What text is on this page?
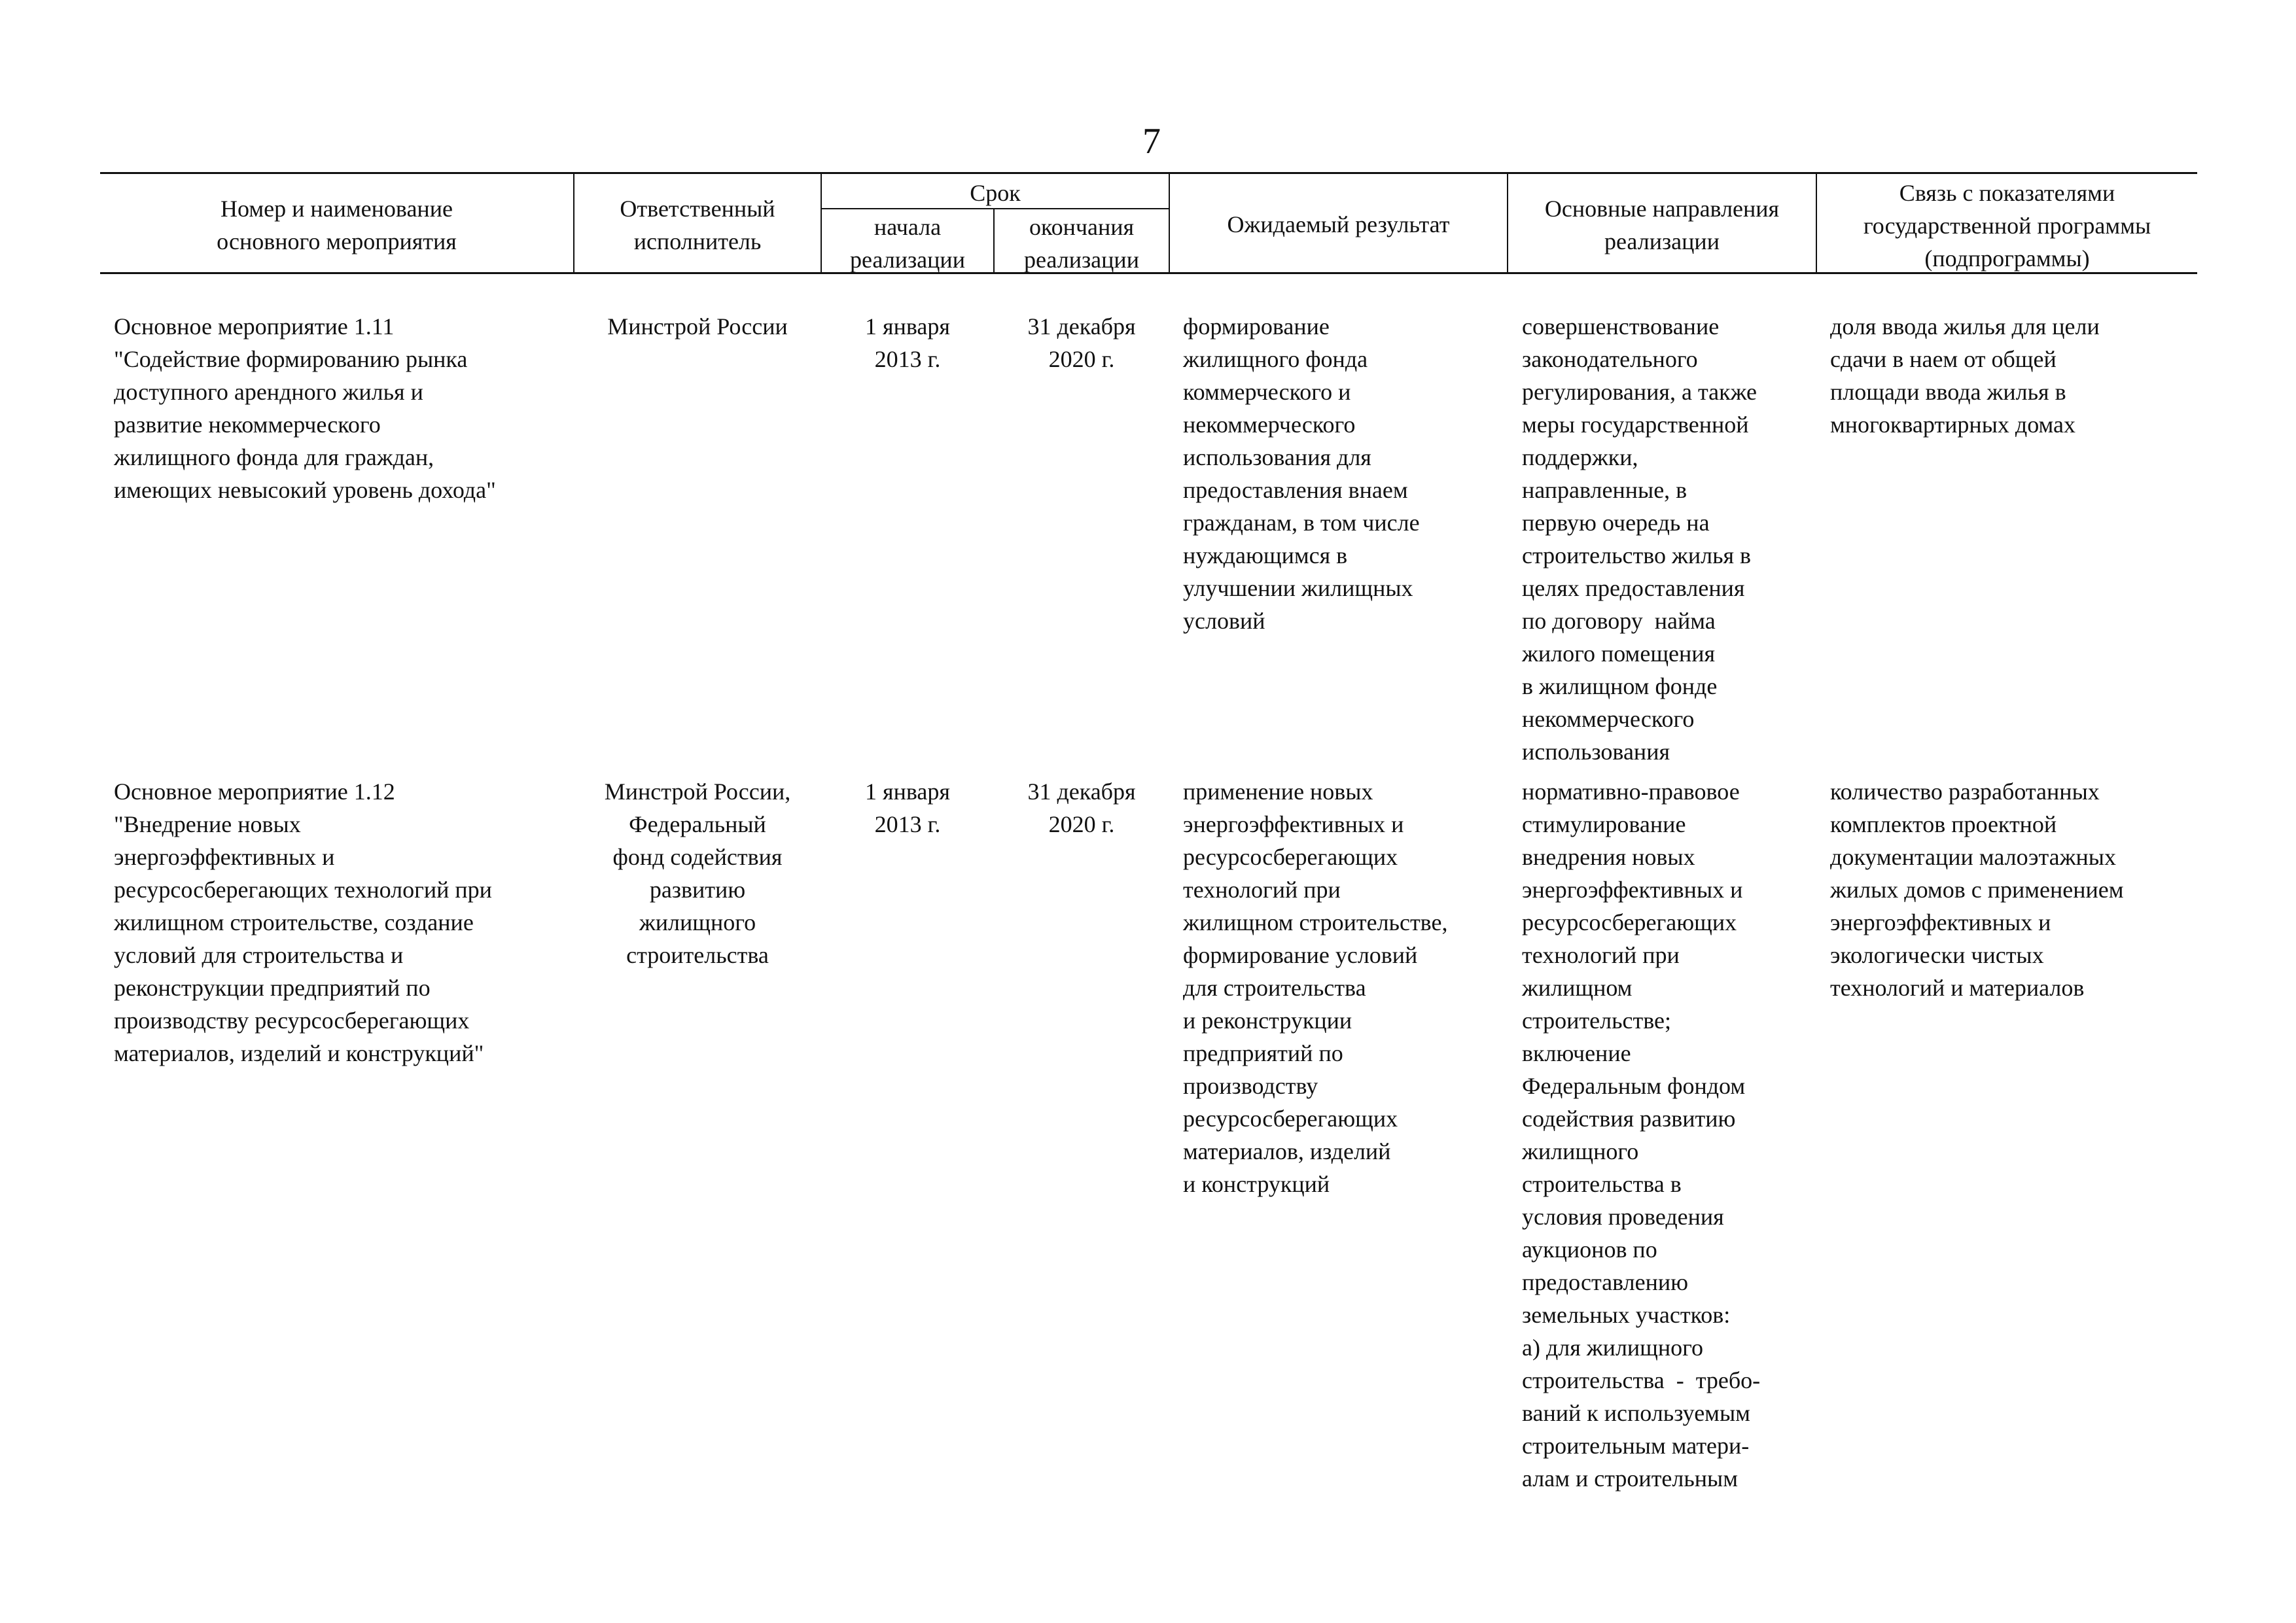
7
Номер и наименование
основного мероприятия
Ответственный
исполнитель
Срок
начала
реализации
окончания
реализации
Ожидаемый результат
Основные направления
реализации
Связь с показателями
государственной программы
(подпрограммы)
Основное мероприятие 1.11
"Содействие формированию рынка
доступного арендного жилья и
развитие некоммерческого
жилищного фонда для граждан,
имеющих невысокий уровень дохода"
Минстрой России	1 января
2013 г.
31 декабря
2020 г.
формирование
жилищного фонда
коммерческого и
некоммерческого
использования для
предоставления внаем
гражданам, в том числе
нуждающимся в
улучшении жилищных
условий
совершенствование
законодательного
регулирования, а также
меры государственной
поддержки,
направленные, в
первую очередь на
строительство жилья в
целях предоставления
по договору  найма
жилого помещения
в жилищном фонде
некоммерческого
использования
доля ввода жилья для цели
сдачи в наем от общей
площади ввода жилья в
многоквартирных домах
Основное мероприятие 1.12
"Внедрение новых
энергоэффективных и
ресурсосберегающих технологий при
жилищном строительстве, создание
условий для строительства и
реконструкции предприятий по
производству ресурсосберегающих
материалов, изделий и конструкций"
Минстрой России,
Федеральный
фонд содействия
развитию
жилищного
строительства
1 января
2013 г.
31 декабря
2020 г.
применение новых
энергоэффективных и
ресурсосберегающих
технологий при
жилищном строительстве,
формирование условий
для строительства
и реконструкции
предприятий по
производству
ресурсосберегающих
материалов, изделий
и конструкций
нормативно-правовое
стимулирование
внедрения новых
энергоэффективных и
ресурсосберегающих
технологий при
жилищном
строительстве;
включение
Федеральным фондом
содействия развитию
жилищного
строительства в
условия проведения
аукционов по
предоставлению
земельных участков:
а) для жилищного
строительства  -  требо-
ваний к используемым
строительным матери-
алам и строительным
количество разработанных
комплектов проектной
документации малоэтажных
жилых домов с применением
энергоэффективных и
экологически чистых
технологий и материалов
